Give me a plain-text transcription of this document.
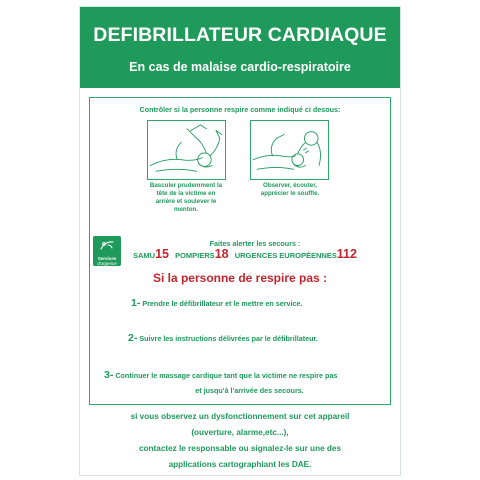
DEFIBRILLATEUR CARDIAQUE
En cas de malaise cardio-respiratoire
Contrôler si la personne respire comme indiqué ci desous:
Basculer prudemment la
tête de la victime en
arrière et soulever le
menton.
Observer, écouter,
apprécier le souffle.
Services
d'urgence
Faites alerter les secours :
SAMU15 POMPIERS18 URGENCES EUROPÉENNES112
Si la personne de respire pas :
1- Prendre le défibrillateur et le mettre en service.
2- Suivre les instructions délivrées par le défibrillateur.
3- Continuer le massage cardique tant que la victime ne respire pas
et jusqu'à l'arrivée des secours.
si vous observez un dysfonctionnement sur cet appareil
(ouverture, alarme,etc...),
contactez le responsable ou signalez-le sur une des
applications cartographiant les DAE.
